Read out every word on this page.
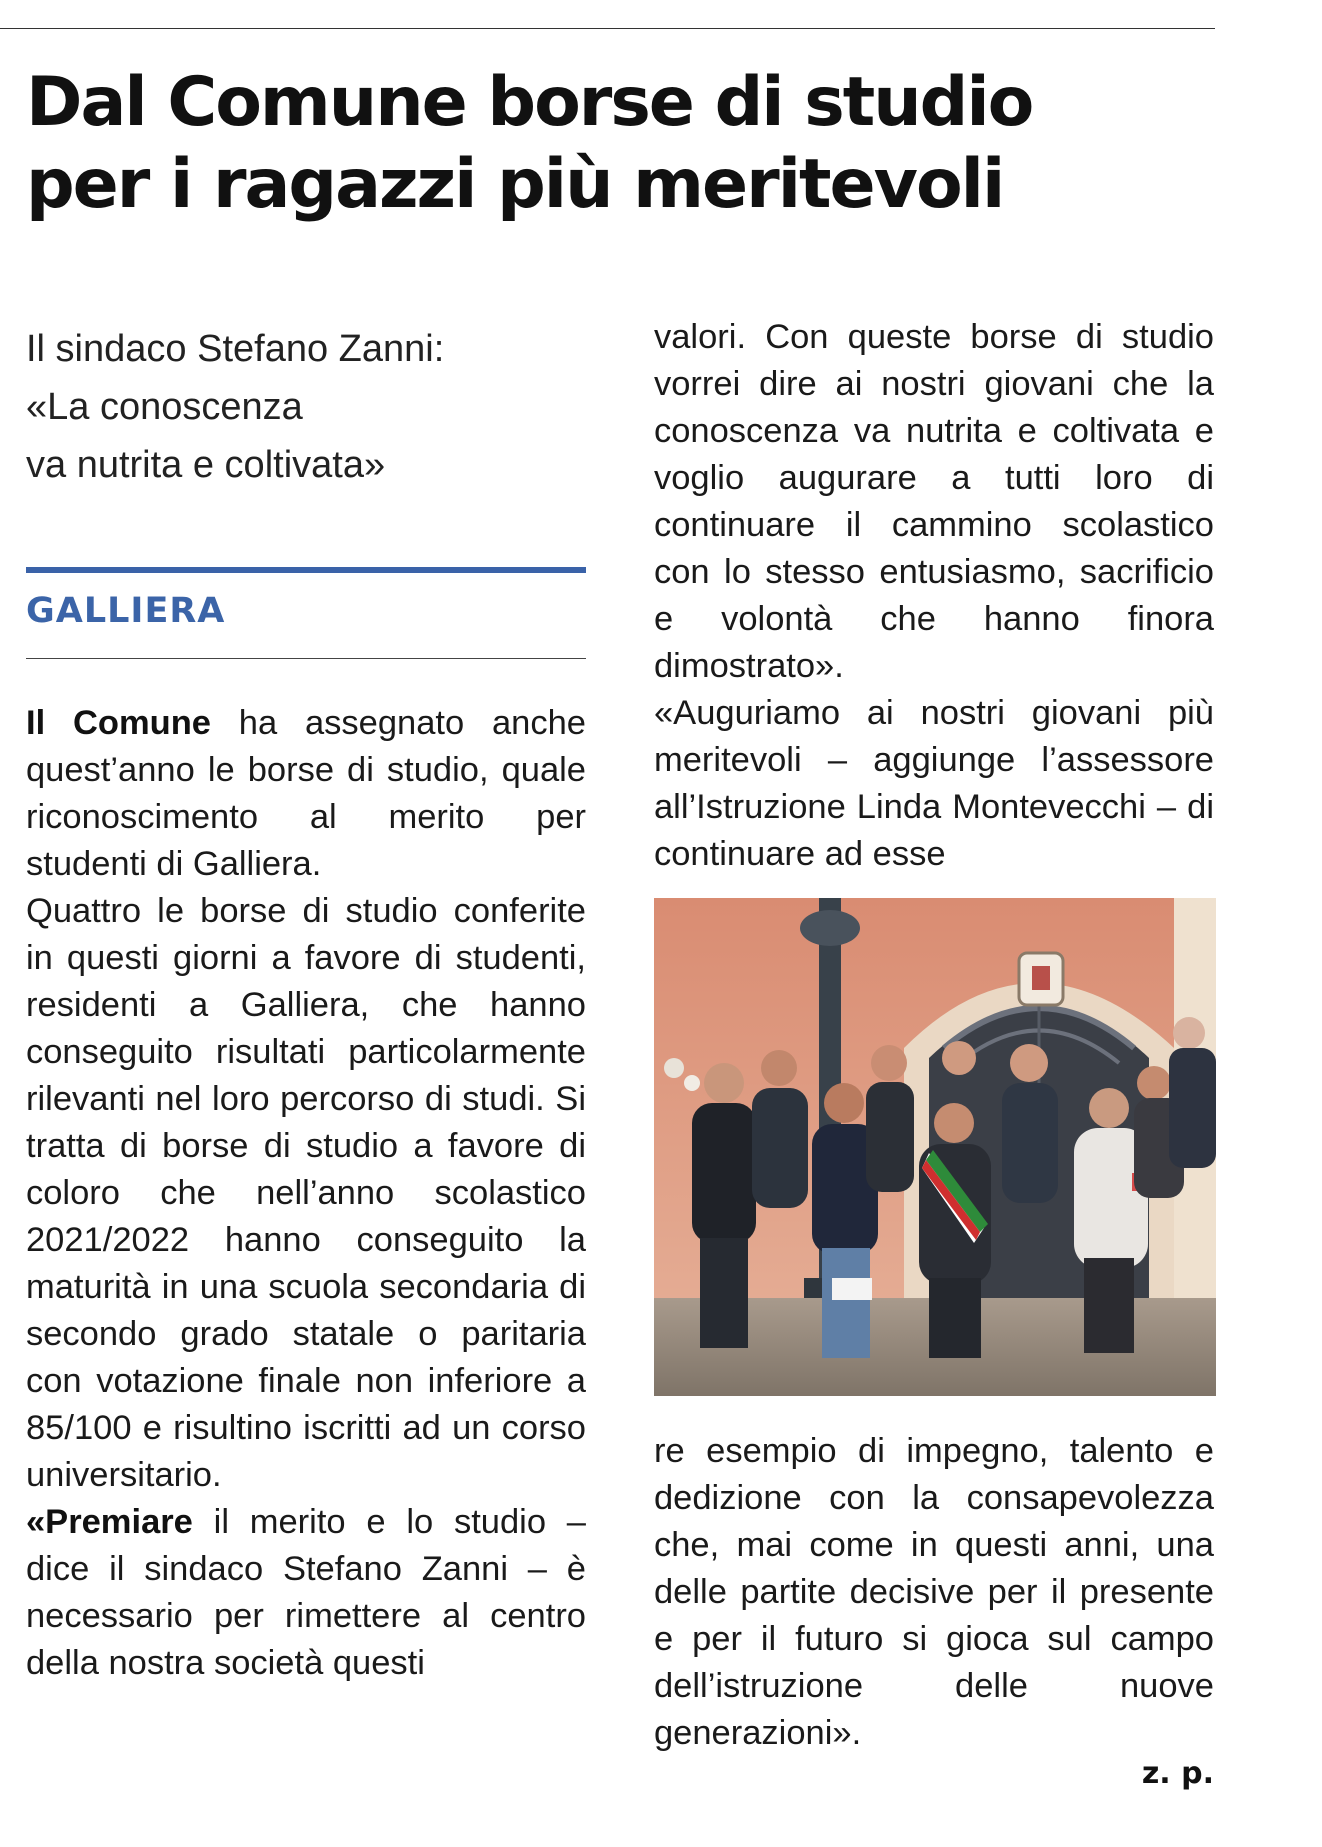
Dal Comune borse di studio
per i ragazzi più meritevoli
Il sindaco Stefano Zanni:
«La conoscenza
va nutrita e coltivata»
GALLIERA

Il Comune ha assegnato anche quest’anno le borse di studio, quale riconoscimento al merito per studenti di Galliera.

Quattro le borse di studio conferite in questi giorni a favore di studenti, residenti a Galliera, che hanno conseguito risultati particolarmente rilevanti nel loro percorso di studi. Si tratta di borse di studio a favore di coloro che nell’anno scolastico 2021/2022 hanno conseguito la maturità in una scuola secondaria di secondo grado statale o paritaria con votazione finale non inferiore a 85/100 e risultino iscritti ad un corso universitario.

«Premiare il merito e lo studio – dice il sindaco Stefano Zanni – è necessario per rimettere al centro della nostra società questi

valori. Con queste borse di studio vorrei dire ai nostri giovani che la conoscenza va nutrita e coltivata e voglio augurare a tutti loro di continuare il cammino scolastico con lo stesso entusiasmo, sacrificio e volontà che hanno finora dimostrato».

«Auguriamo ai nostri giovani più meritevoli – aggiunge l’assessore all’Istruzione Linda Montevecchi – di continuare ad esse

re esempio di impegno, talento e dedizione con la consapevolezza che, mai come in questi anni, una delle partite decisive per il presente e per il futuro si gioca sul campo dell’istruzione delle nuove generazioni».

z. p.
